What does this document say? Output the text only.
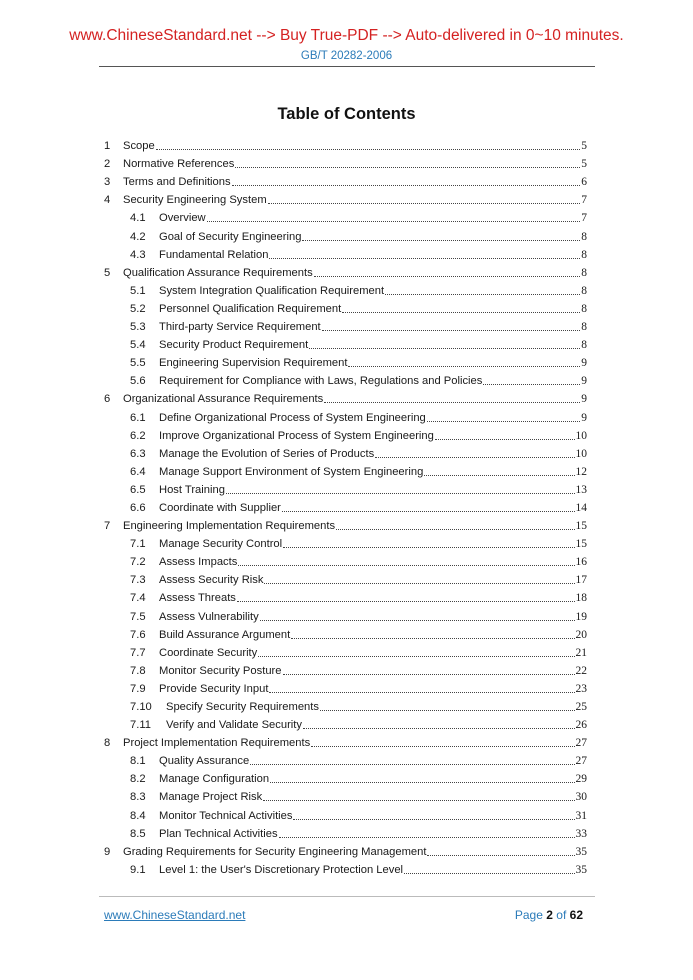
www.ChineseStandard.net --> Buy True-PDF --> Auto-delivered in 0~10 minutes.
GB/T 20282-2006
Table of Contents
1	Scope	5
2	Normative References	5
3	Terms and Definitions	6
4	Security Engineering System	7
4.1	Overview	7
4.2	Goal of Security Engineering	8
4.3	Fundamental Relation	8
5	Qualification Assurance Requirements	8
5.1	System Integration Qualification Requirement	8
5.2	Personnel Qualification Requirement	8
5.3	Third-party Service Requirement	8
5.4	Security Product Requirement	8
5.5	Engineering Supervision Requirement	9
5.6	Requirement for Compliance with Laws, Regulations and Policies	9
6	Organizational Assurance Requirements	9
6.1	Define Organizational Process of System Engineering	9
6.2	Improve Organizational Process of System Engineering	10
6.3	Manage the Evolution of Series of Products	10
6.4	Manage Support Environment of System Engineering	12
6.5	Host Training	13
6.6	Coordinate with Supplier	14
7	Engineering Implementation Requirements	15
7.1	Manage Security Control	15
7.2	Assess Impacts	16
7.3	Assess Security Risk	17
7.4	Assess Threats	18
7.5	Assess Vulnerability	19
7.6	Build Assurance Argument	20
7.7	Coordinate Security	21
7.8	Monitor Security Posture	22
7.9	Provide Security Input	23
7.10	Specify Security Requirements	25
7.11	Verify and Validate Security	26
8	Project Implementation Requirements	27
8.1	Quality Assurance	27
8.2	Manage Configuration	29
8.3	Manage Project Risk	30
8.4	Monitor Technical Activities	31
8.5	Plan Technical Activities	33
9	Grading Requirements for Security Engineering Management	35
9.1	Level 1: the User's Discretionary Protection Level	35
www.ChineseStandard.net	Page 2 of 62
